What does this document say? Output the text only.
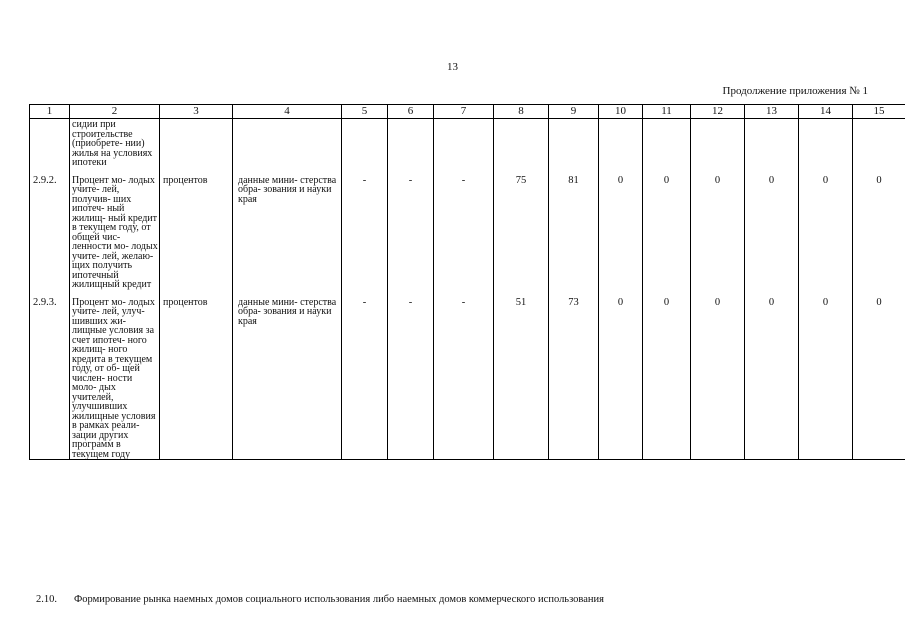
13
Продолжение приложения № 1
1	2	3	4	5	6	7	8	9	10	11	12	13	14	15
	сидии при строительстве (приобрете- нии) жилья на условиях ипотеки													
2.9.2.	Процент мо- лодых учите- лей, получив- ших ипотеч- ный жилищ- ный кредит в текущем году, от общей чис- ленности мо- лодых учите- лей, желаю- щих получить ипотечный жилищный кредит	процентов	данные мини- стерства обра- зования и науки края	-	-	-	75	81	0	0	0	0	0	0
2.9.3.	Процент мо- лодых учите- лей, улуч- шивших жи- лищные условия за счет ипотеч- ного жилищ- ного кредита в текущем году, от об- щей числен- ности моло- дых учителей, улучшивших жилищные условия в рамках реали- зации других программ в текущем году	процентов	данные мини- стерства обра- зования и науки края	-	-	-	51	73	0	0	0	0	0	0
2.10. Формирование рынка наемных домов социального использования либо наемных домов коммерческого использования
